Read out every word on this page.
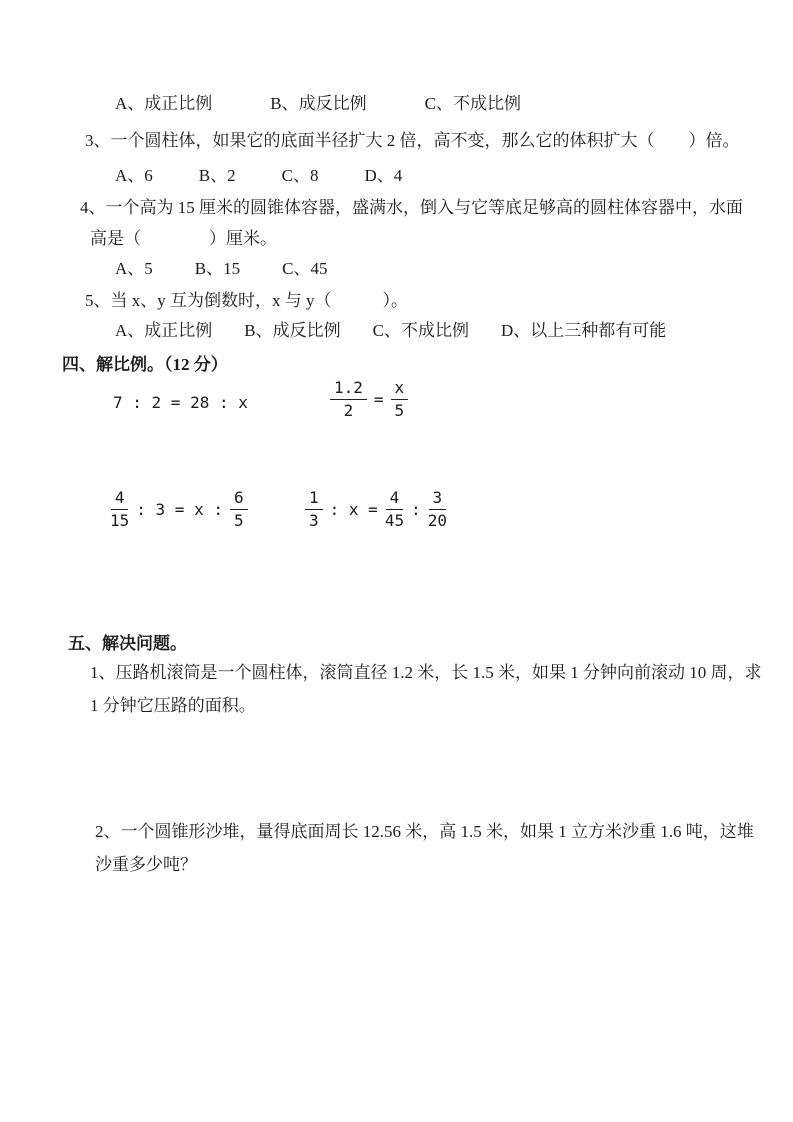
A、成正比例	B、成反比例	C、不成比例
3、一个圆柱体，如果它的底面半径扩大 2 倍，高不变，那么它的体积扩大（　　）倍。
A、6	B、2	C、8	D、4
4、一个高为 15 厘米的圆锥体容器，盛满水，倒入与它等底足够高的圆柱体容器中，水面
高是（　　　　）厘米。
A、5 B、15 C、45
5、当 x、y 互为倒数时，x 与 y（　　　）。
A、成正比例 B、成反比例 C、不成比例 D、以上三种都有可能
四、解比例。（12 分）
7 : 2 = 28 : x	$\frac{1.2}{2} = \frac{x}{5}$
$\frac{4}{15}$ : 3 = x : $\frac{6}{5}$	$\frac{1}{3}$ : $x = \frac{4}{45}$ : $\frac{3}{20}$
五、解决问题。
1、压路机滚筒是一个圆柱体，滚筒直径 1.2 米，长 1.5 米，如果 1 分钟向前滚动 10 周，求
1 分钟它压路的面积。
2、一个圆锥形沙堆，量得底面周长 12.56 米，高 1.5 米，如果 1 立方米沙重 1.6 吨，这堆
沙重多少吨？
